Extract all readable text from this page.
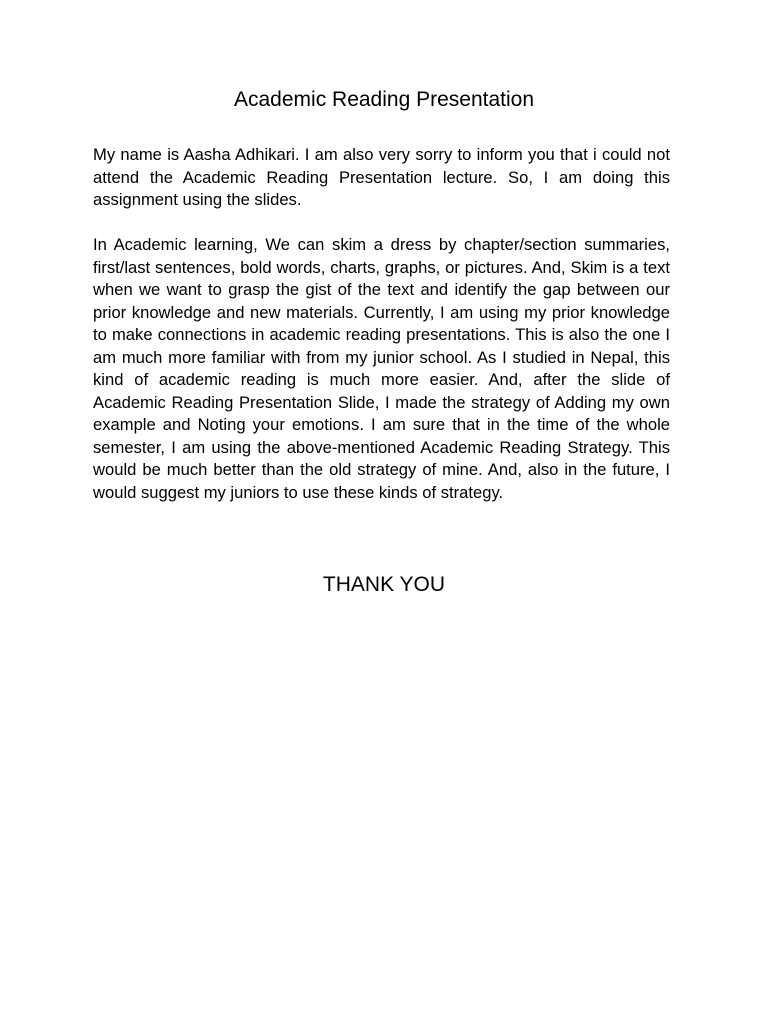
Academic Reading Presentation

My name is Aasha Adhikari. I am also very sorry to inform you that i could not attend the Academic Reading Presentation lecture. So, I am doing this assignment using the slides.

In Academic learning, We can skim a dress by chapter/section summaries, first/last sentences, bold words, charts, graphs, or pictures. And, Skim is a text when we want to grasp the gist of the text and identify the gap between our prior knowledge and new materials. Currently, I am using my prior knowledge to make connections in academic reading presentations. This is also the one I am much more familiar with from my junior school. As I studied in Nepal, this kind of academic reading is much more easier. And, after the slide of Academic Reading Presentation Slide, I made the strategy of Adding my own example and Noting your emotions. I am sure that in the time of the whole semester, I am using the above-mentioned Academic Reading Strategy. This would be much better than the old strategy of mine. And, also in the future, I would suggest my juniors to use these kinds of strategy.

THANK YOU
